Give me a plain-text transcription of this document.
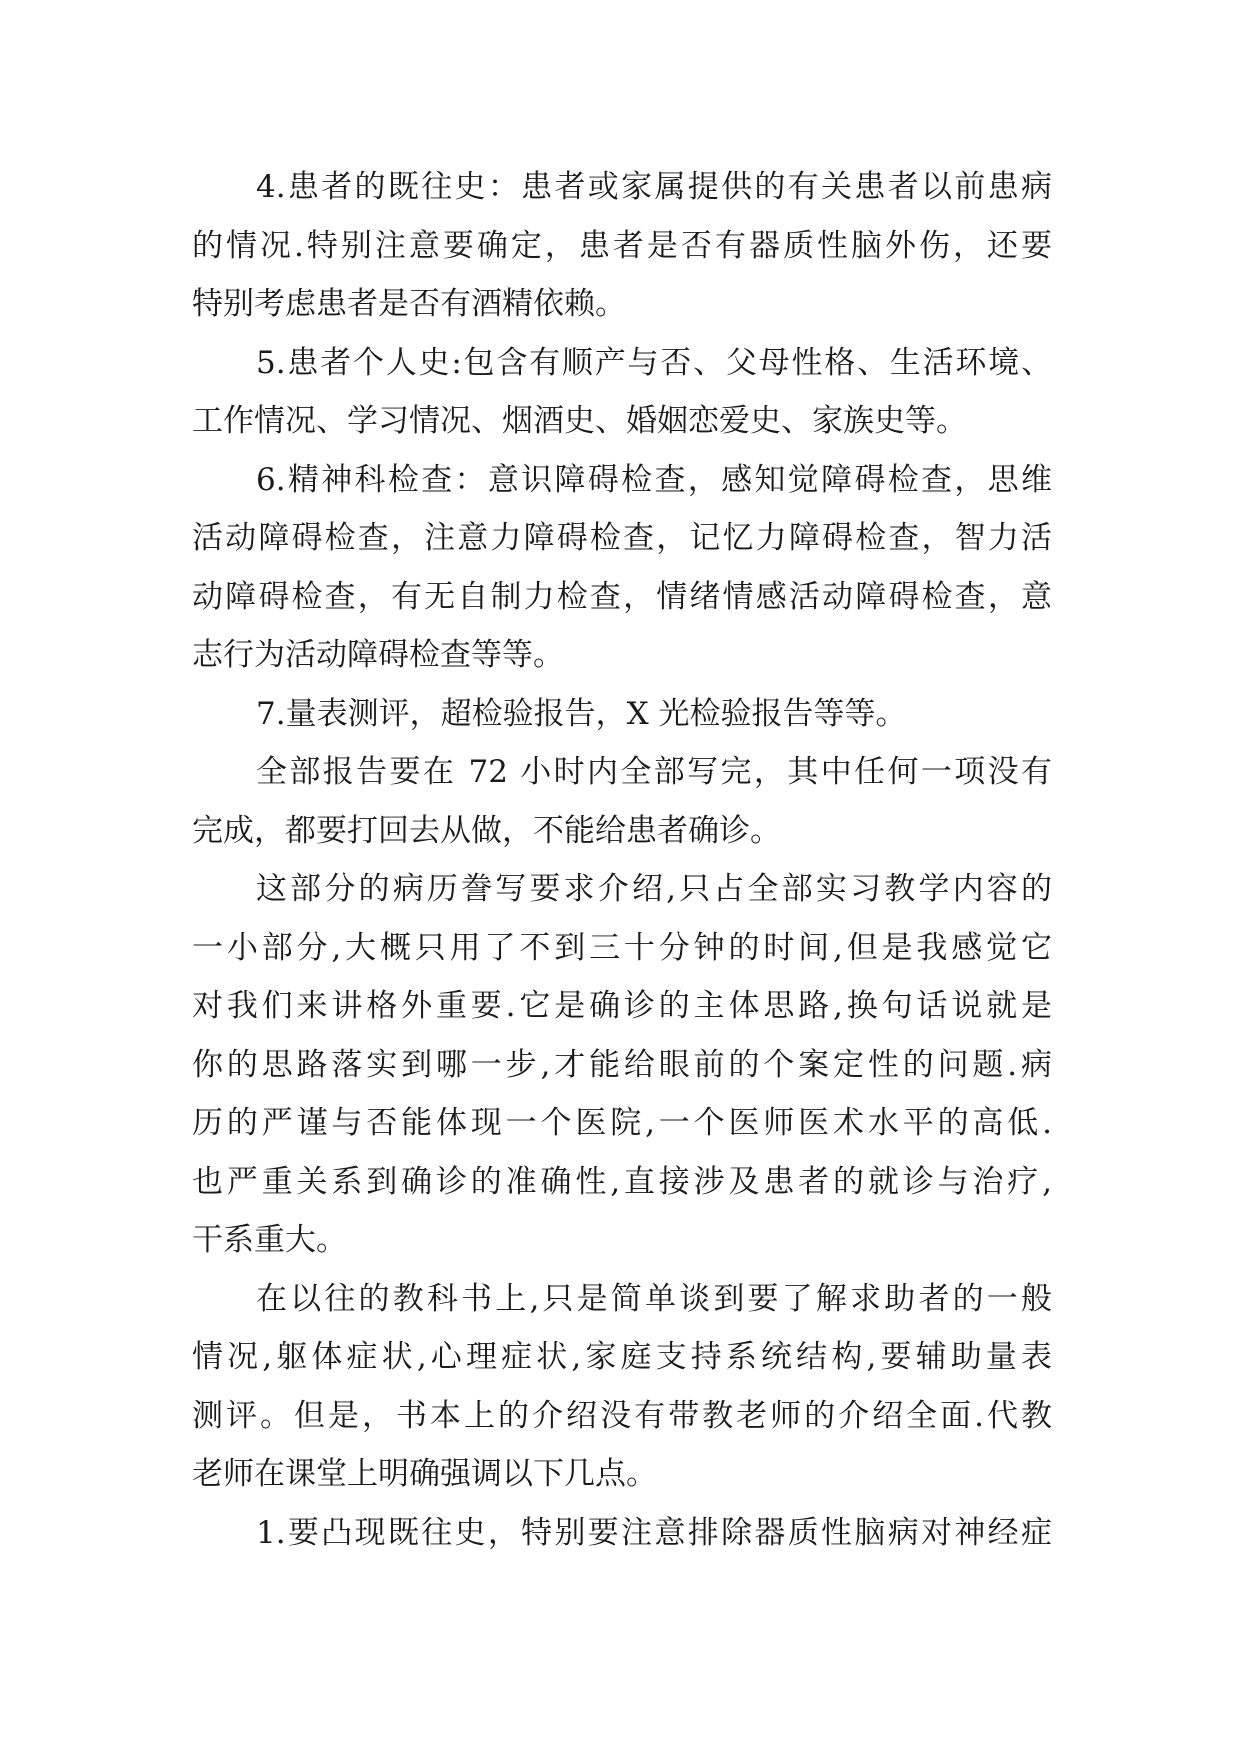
4.患者的既往史：患者或家属提供的有关患者以前患病
的情况.特别注意要确定，患者是否有器质性脑外伤，还要
特别考虑患者是否有酒精依赖。
5.患者个人史:包含有顺产与否、父母性格、生活环境、
工作情况、学习情况、烟酒史、婚姻恋爱史、家族史等。
6.精神科检查：意识障碍检查，感知觉障碍检查，思维
活动障碍检查，注意力障碍检查，记忆力障碍检查，智力活
动障碍检查，有无自制力检查，情绪情感活动障碍检查，意
志行为活动障碍检查等等。
7.量表测评，超检验报告，X 光检验报告等等。
全部报告要在 72 小时内全部写完，其中任何一项没有
完成，都要打回去从做，不能给患者确诊。
这部分的病历誊写要求介绍,只占全部实习教学内容的
一小部分,大概只用了不到三十分钟的时间,但是我感觉它
对我们来讲格外重要.它是确诊的主体思路,换句话说就是
你的思路落实到哪一步,才能给眼前的个案定性的问题.病
历的严谨与否能体现一个医院,一个医师医术水平的高低.
也严重关系到确诊的准确性,直接涉及患者的就诊与治疗,
干系重大。
在以往的教科书上,只是简单谈到要了解求助者的一般
情况,躯体症状,心理症状,家庭支持系统结构,要辅助量表
测评。但是，书本上的介绍没有带教老师的介绍全面.代教
老师在课堂上明确强调以下几点。
1.要凸现既往史，特别要注意排除器质性脑病对神经症
